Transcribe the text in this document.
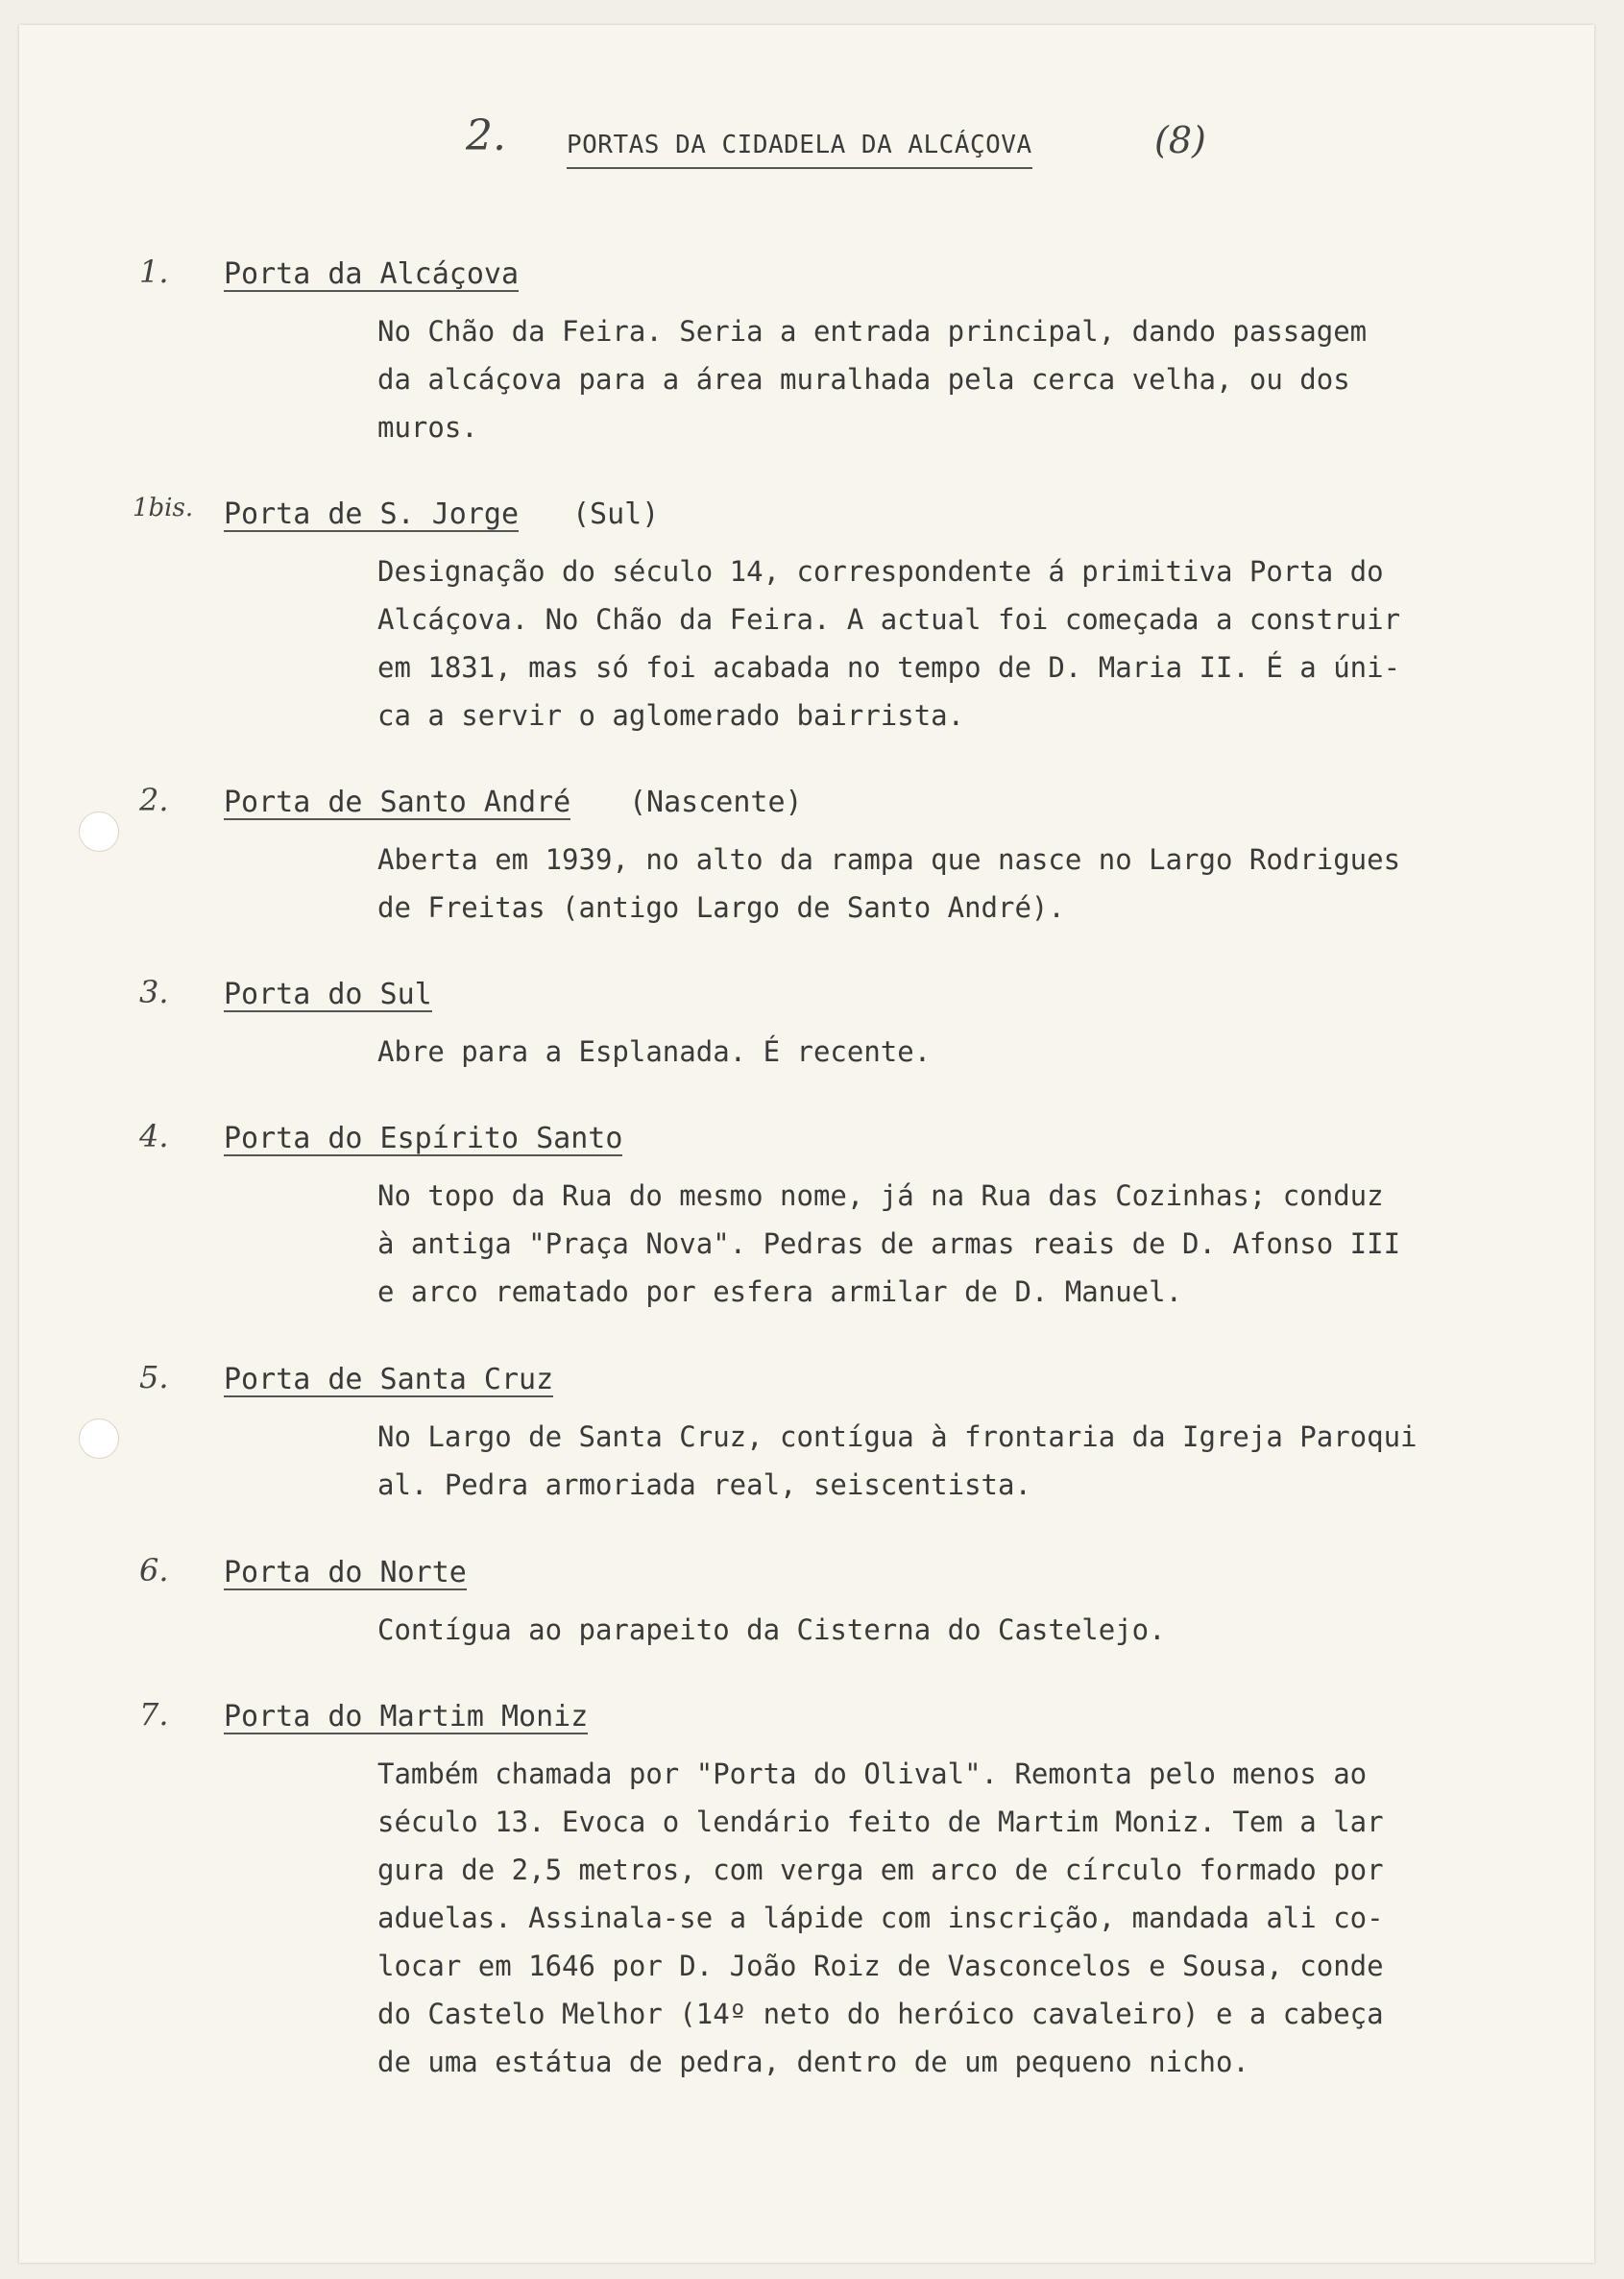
2. PORTAS DA CIDADELA DA ALCÁÇOVA	(8)
1. Porta da Alcáçova
No Chão da Feira. Seria a entrada principal, dando passagem
da alcáçova para a área muralhada pela cerca velha, ou dos
muros.
1bis. Porta de S. Jorge (Sul)
Designação do século 14, correspondente á primitiva Porta do
Alcáçova. No Chão da Feira. A actual foi começada a construir
em 1831, mas só foi acabada no tempo de D. Maria II. É a úni-
ca a servir o aglomerado bairrista.
2. Porta de Santo André (Nascente)
Aberta em 1939, no alto da rampa que nasce no Largo Rodrigues
de Freitas (antigo Largo de Santo André).
3. Porta do Sul
Abre para a Esplanada. É recente.
4. Porta do Espírito Santo
No topo da Rua do mesmo nome, já na Rua das Cozinhas; conduz
à antiga "Praça Nova". Pedras de armas reais de D. Afonso III
e arco rematado por esfera armilar de D. Manuel.
5. Porta de Santa Cruz
No Largo de Santa Cruz, contígua à frontaria da Igreja Paroqui
al. Pedra armoriada real, seiscentista.
6. Porta do Norte
Contígua ao parapeito da Cisterna do Castelejo.
7. Porta do Martim Moniz
Também chamada por "Porta do Olival". Remonta pelo menos ao
século 13. Evoca o lendário feito de Martim Moniz. Tem a lar
gura de 2,5 metros, com verga em arco de círculo formado por
aduelas. Assinala-se a lápide com inscrição, mandada ali co-
locar em 1646 por D. João Roiz de Vasconcelos e Sousa, conde
do Castelo Melhor (14º neto do heróico cavaleiro) e a cabeça
de uma estátua de pedra, dentro de um pequeno nicho.
